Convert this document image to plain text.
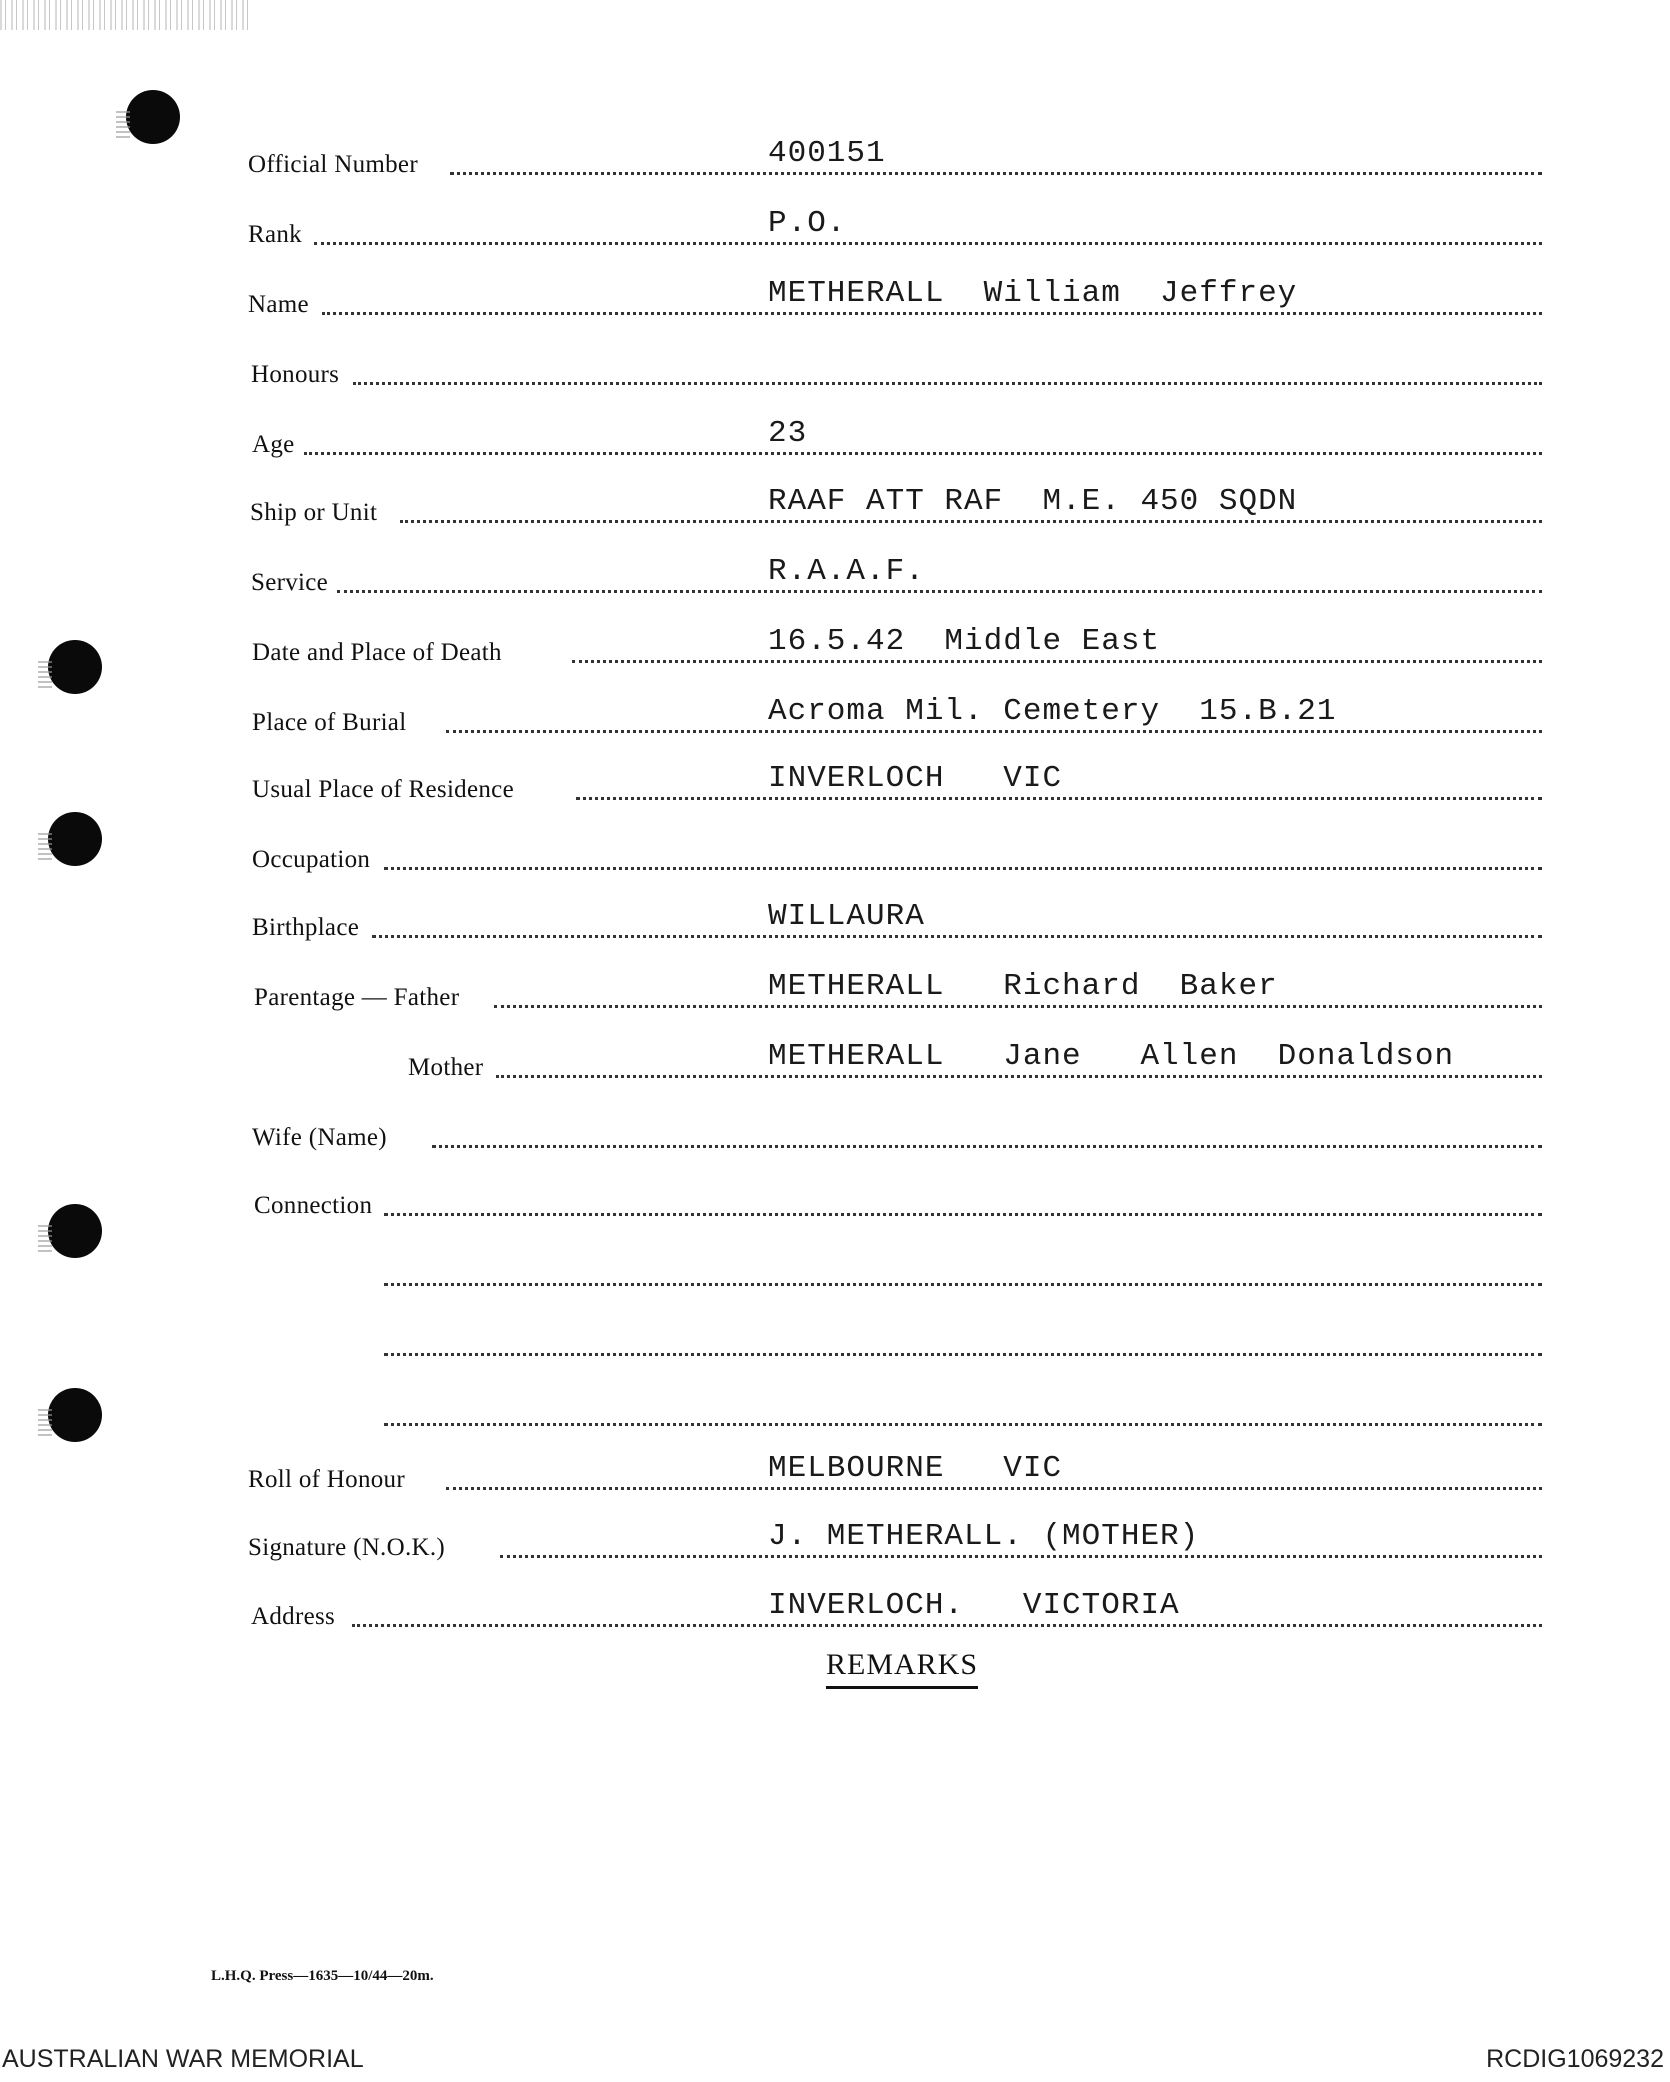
Official Number	400151
Rank	P.O.
Name	METHERALL  William  Jeffrey
Honours
Age	23
Ship or Unit	RAAF ATT RAF  M.E. 450 SQDN
Service	R.A.A.F.
Date and Place of Death	16.5.42  Middle East
Place of Burial	Acroma Mil. Cemetery  15.B.21
Usual Place of Residence	INVERLOCH   VIC
Occupation
Birthplace	WILLAURA
Parentage — Father	METHERALL   Richard  Baker
Mother	METHERALL   Jane   Allen  Donaldson
Wife (Name)
Connection
Roll of Honour	MELBOURNE   VIC
Signature (N.O.K.)	J. METHERALL. (MOTHER)
Address	INVERLOCH.   VICTORIA
REMARKS
L.H.Q. Press—1635—10/44—20m.
AUSTRALIAN WAR MEMORIAL	RCDIG1069232
